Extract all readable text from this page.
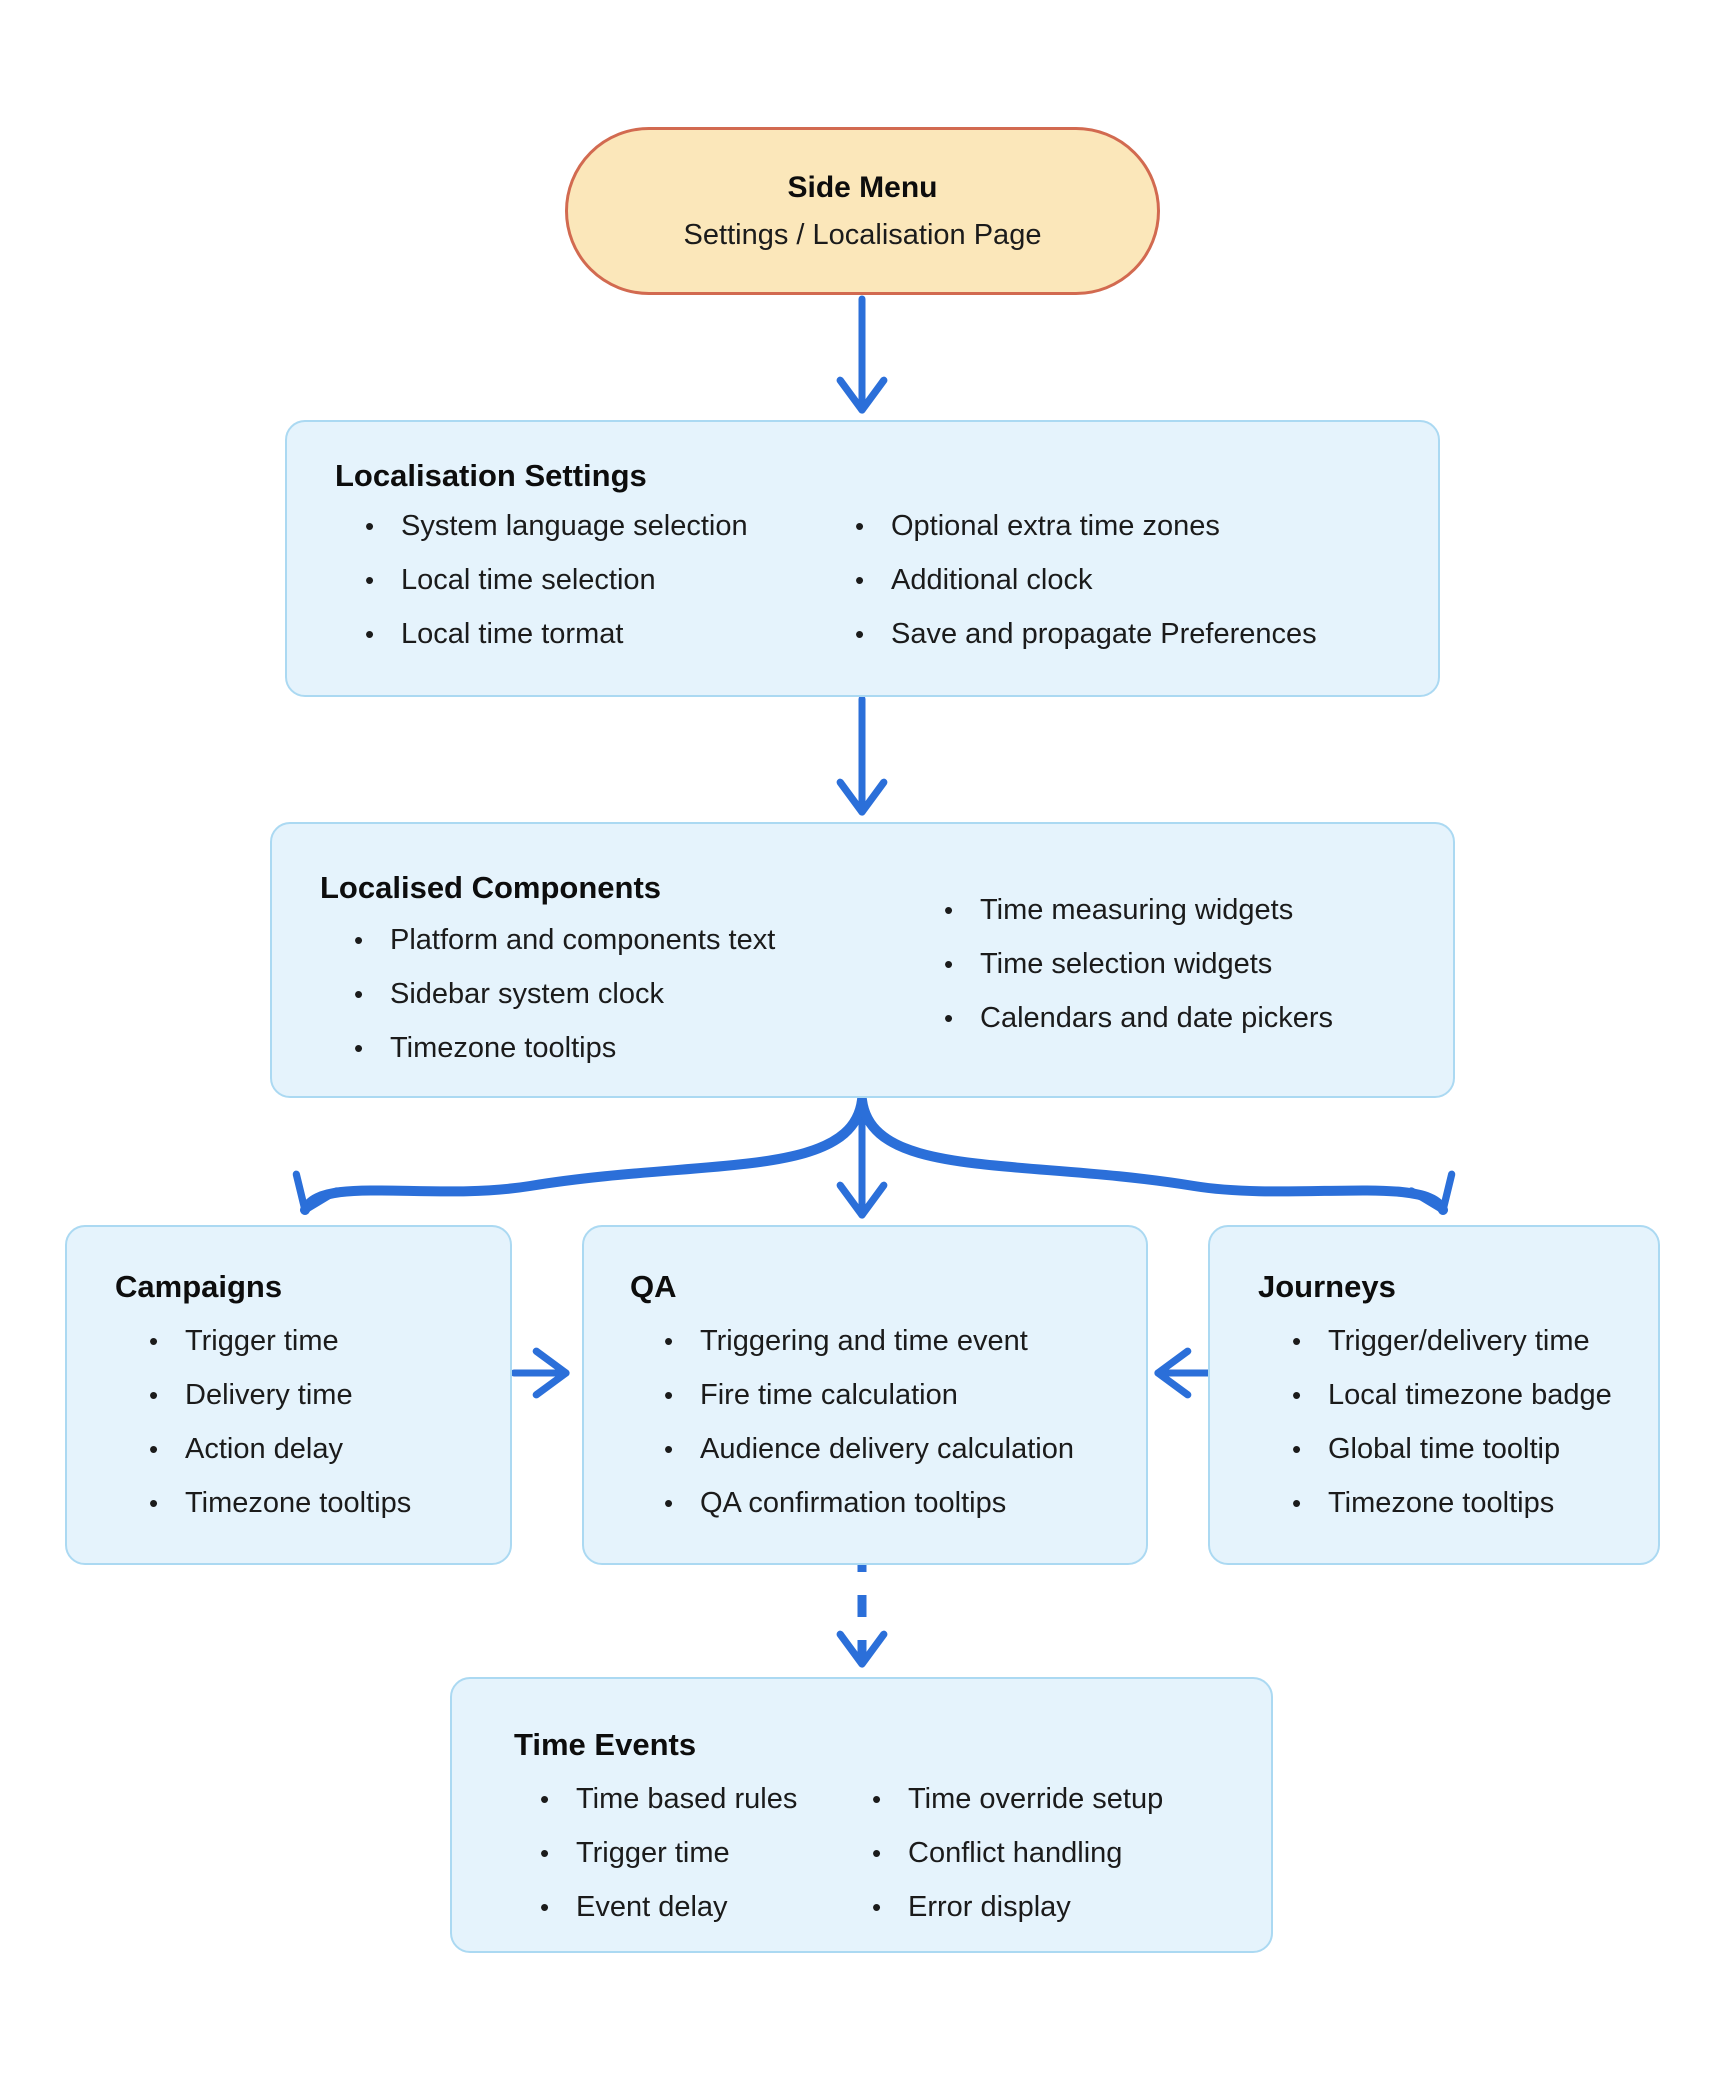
Side Menu
Settings / Localisation Page
Localisation Settings
• System language selection
• Local time selection
• Local time tormat
• Optional extra time zones
• Additional clock
• Save and propagate Preferences
Localised Components
• Platform and components text
• Sidebar system clock
• Timezone tooltips
• Time measuring widgets
• Time selection widgets
• Calendars and date pickers
Campaigns
• Trigger time
• Delivery time
• Action delay
• Timezone tooltips
QA
• Triggering and time event
• Fire time calculation
• Audience delivery calculation
• QA confirmation tooltips
Journeys
• Trigger/delivery time
• Local timezone badge
• Global time tooltip
• Timezone tooltips
Time Events
• Time based rules
• Trigger time
• Event delay
• Time override setup
• Conflict handling
• Error display
